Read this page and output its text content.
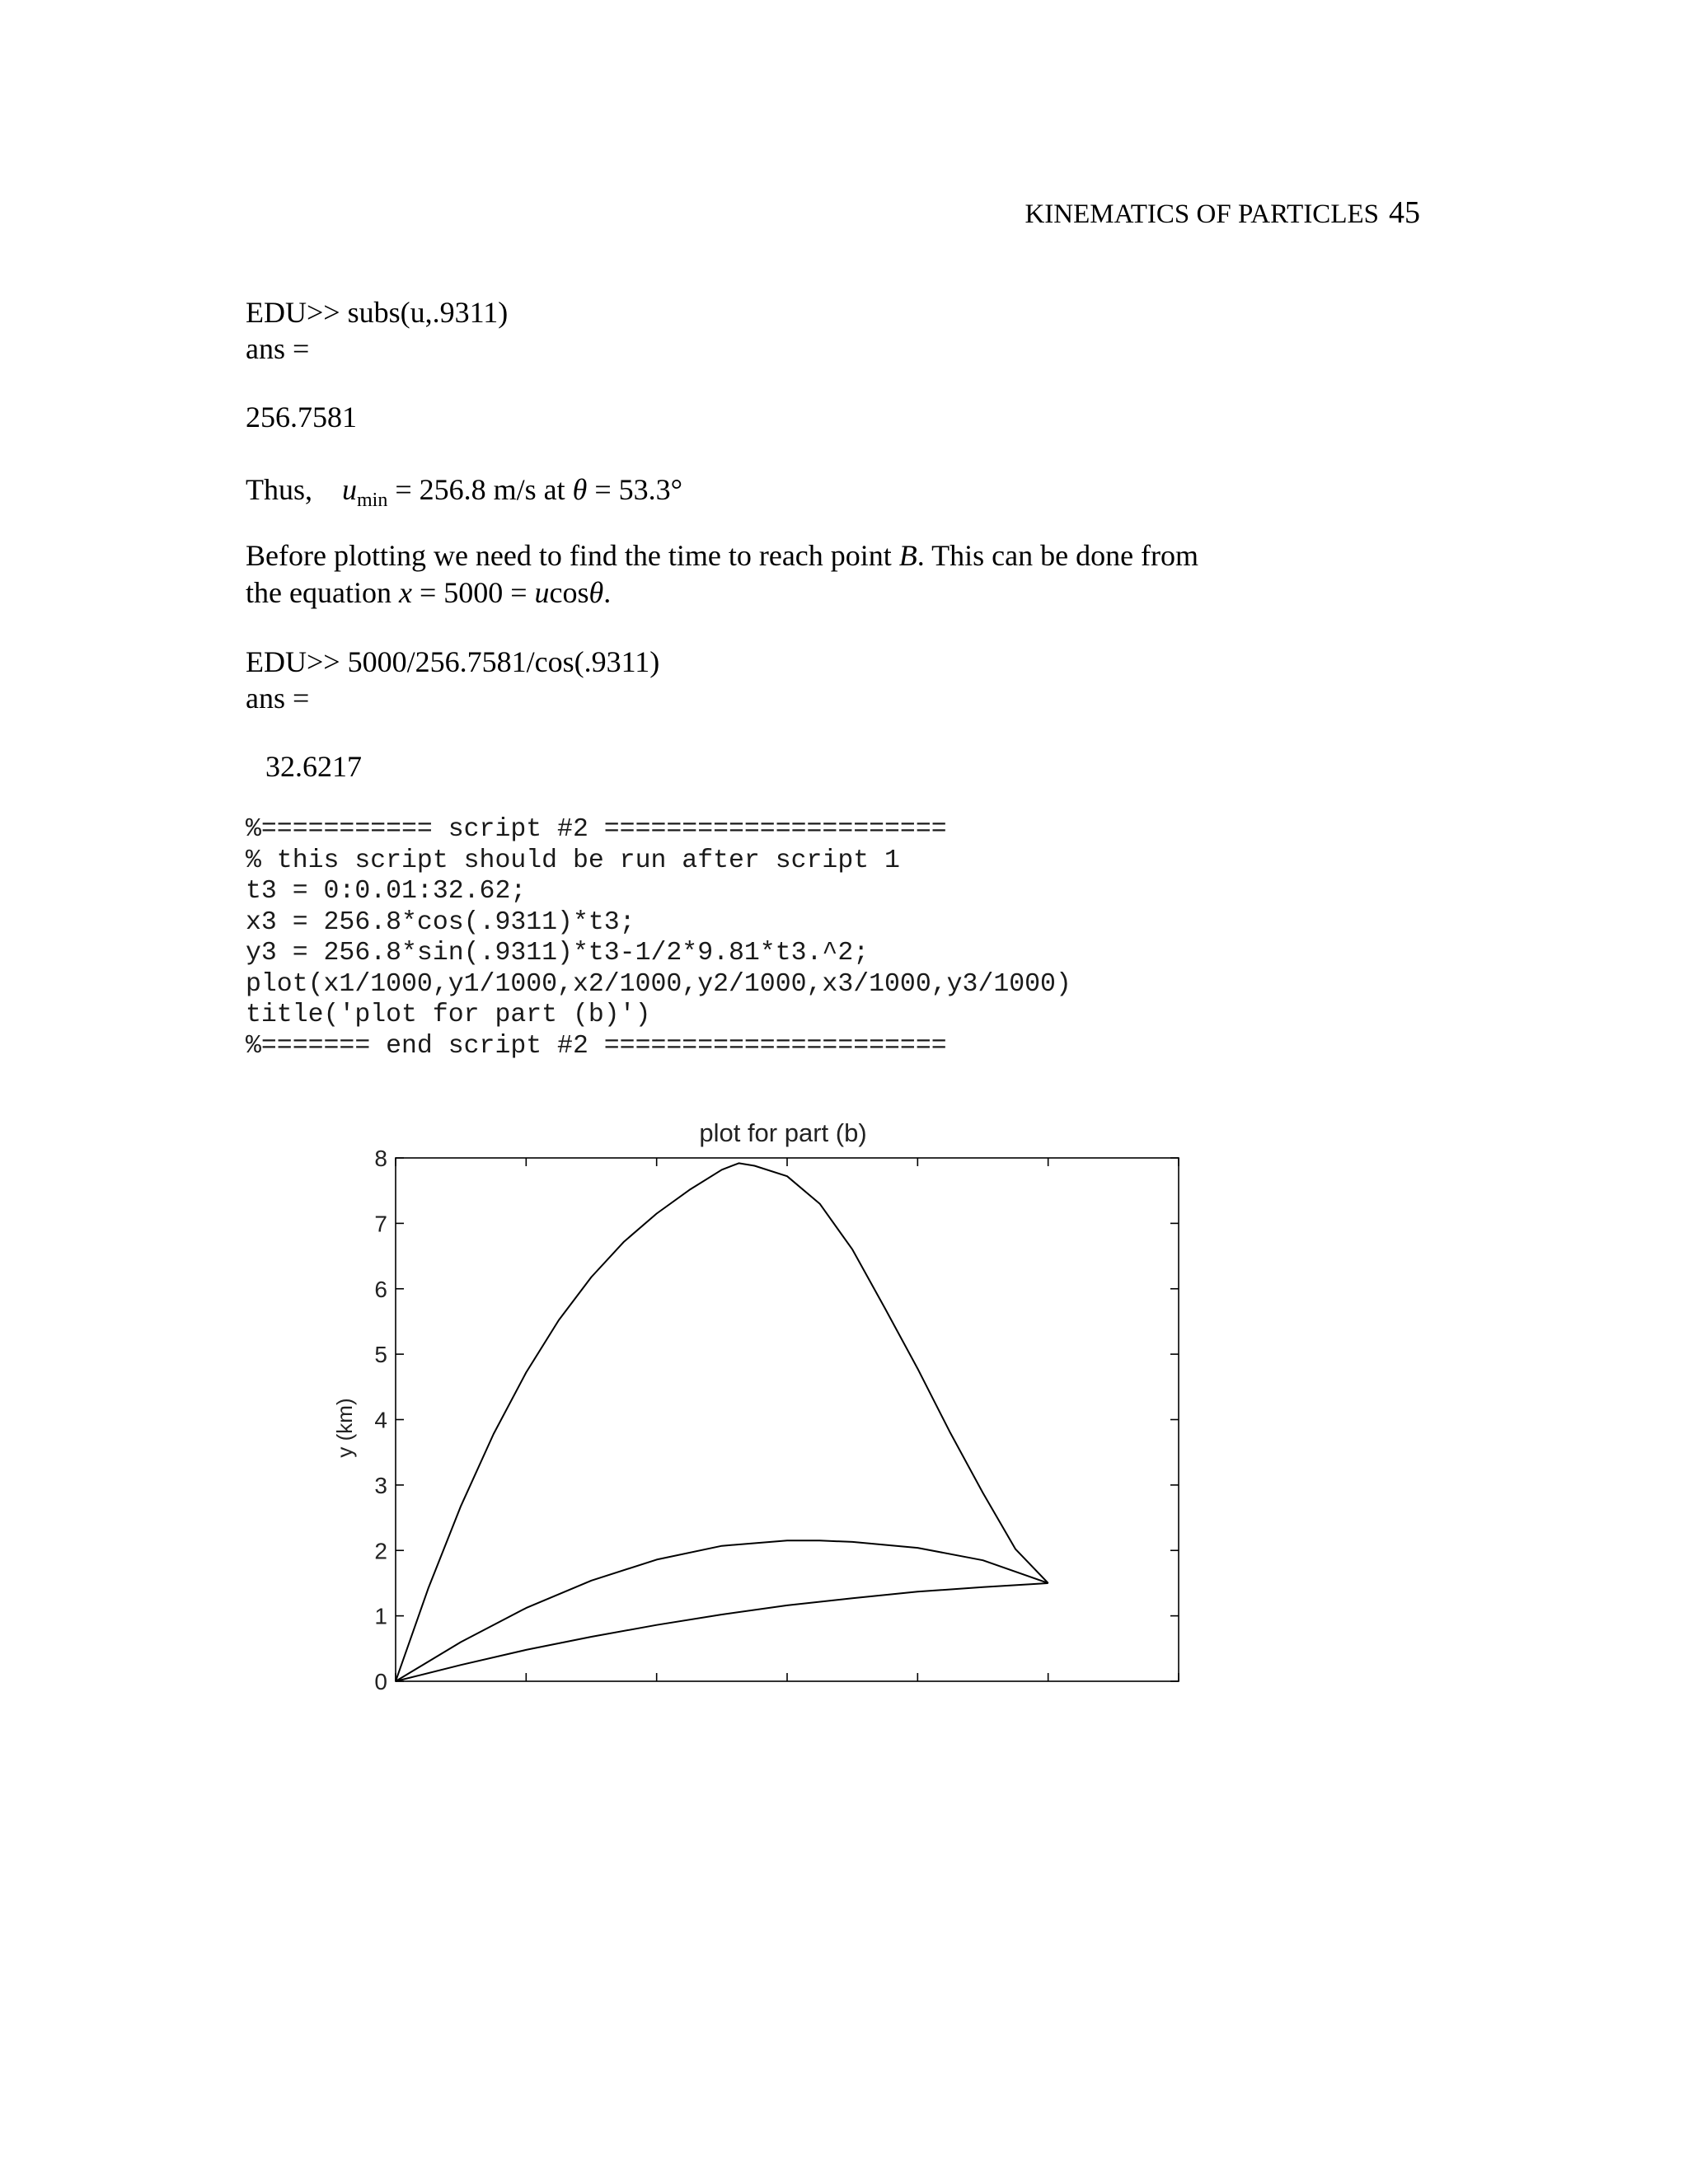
KINEMATICS OF PARTICLES 45
EDU>> subs(u,.9311)
ans =
256.7581
Thus, $u_{min} = 256.8$ m/s at θ = 53.3°
Before plotting we need to find the time to reach point B. This can be done from
the equation x = 5000 = ucosθ.
EDU>> 5000/256.7581/cos(.9311)
ans =
32.6217
%=========== script #2 ======================
% this script should be run after script 1
t3 = 0:0.01:32.62;
x3 = 256.8*cos(.9311)*t3;
y3 = 256.8*sin(.9311)*t3-1/2*9.81*t3.^2;
plot(x1/1000,y1/1000,x2/1000,y2/1000,x3/1000,y3/1000)
title('plot for part (b)')
%======= end script #2 ======================
plot for part (b)
0
1
2
3
4
5
6
7
8
y (km)
